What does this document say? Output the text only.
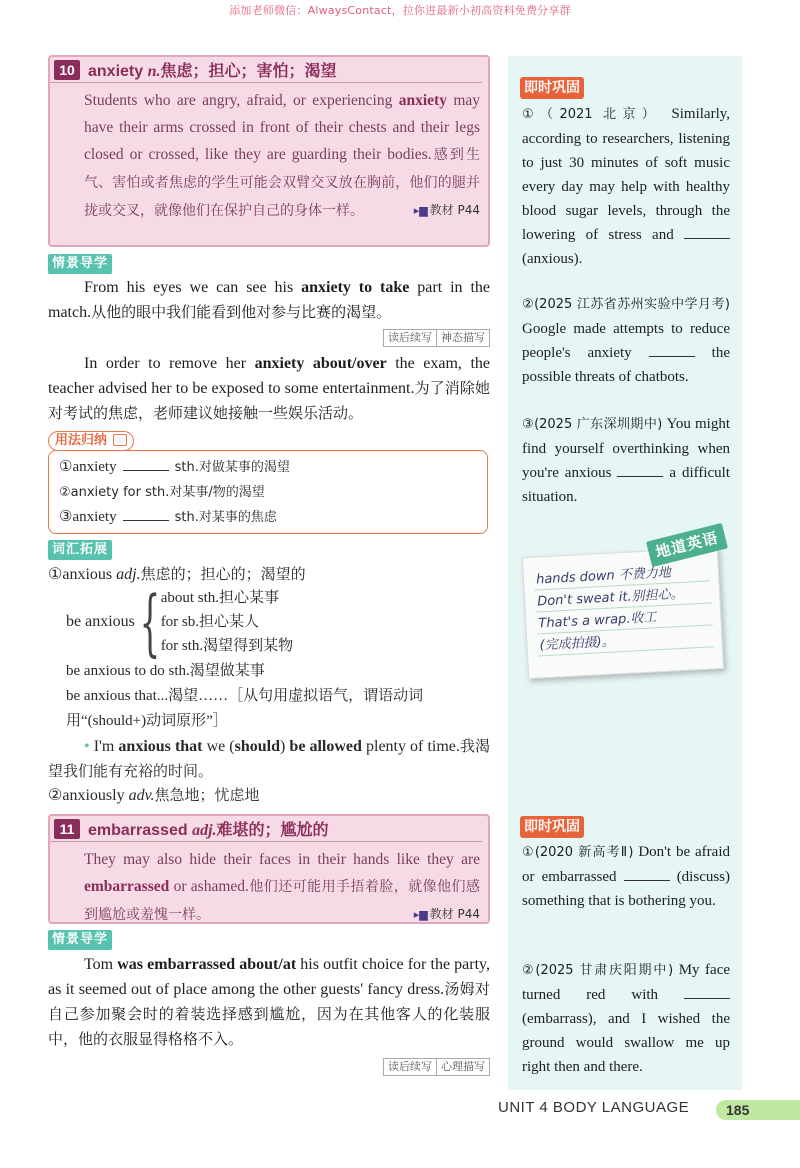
添加老师微信：AlwaysContact，拉你进最新小初高资料免费分享群
10 anxiety n.焦虑；担心；害怕；渴望
Students who are angry, afraid, or experiencing anxiety may have their arms crossed in front of their chests and their legs closed or crossed, like they are guarding their bodies.感到生气、害怕或者焦虑的学生可能会双臂交叉放在胸前，他们的腿并拢或交叉，就像他们在保护自己的身体一样。	▸▆ 教材 P44
情景导学
From his eyes we can see his anxiety to take part in the match.从他的眼中我们能看到他对参与比赛的渴望。
读后续写 神态描写
In order to remove her anxiety about/over the exam, the teacher advised her to be exposed to some entertainment.为了消除她对考试的焦虑，老师建议她接触一些娱乐活动。
用法归纳
①anxiety	sth.对做某事的渴望
②anxiety for sth.对某事/物的渴望
③anxiety	sth.对某事的焦虑
词汇拓展
①anxious adj.焦虑的；担心的；渴望的
be anxious { about sth.担心某事
for sb.担心某人
for sth.渴望得到某物
be anxious to do sth.渴望做某事
be anxious that...渴望……［从句用虚拟语气，谓语动词用“(should+)动词原形”］
• I'm anxious that we (should) be allowed plenty of time.我渴望我们能有充裕的时间。
②anxiously adv.焦急地；忧虑地
11 embarrassed adj.难堪的；尴尬的
They may also hide their faces in their hands like they are embarrassed or ashamed.他们还可能用手捂着脸，就像他们感到尴尬或羞愧一样。	▸▆ 教材 P44
情景导学
Tom was embarrassed about/at his outfit choice for the party, as it seemed out of place among the other guests' fancy dress.汤姆对自己参加聚会时的着装选择感到尴尬，因为在其他客人的化装服中，他的衣服显得格格不入。
读后续写 心理描写
即时巩固
①（2021 北京） Similarly, according to researchers, listening to just 30 minutes of soft music every day may help with healthy blood sugar levels, through the lowering of stress and  (anxious).
②(2025 江苏省苏州实验中学月考) Google made attempts to reduce people's anxiety	the possible threats of chatbots.
③(2025 广东深圳期中) You might find yourself overthinking when you're anxious	a difficult situation.
hands down 不费力地
Don't sweat it.别担心。
That's a wrap.收工
(完成拍摄)。
地道英语
即时巩固
①(2020 新高考Ⅱ) Don't be afraid or embarrassed	(discuss) something that is bothering you.
②(2025 甘肃庆阳期中) My face turned red with  (embarrass), and I wished the ground would swallow me up right then and there.
UNIT 4 BODY LANGUAGE	185
